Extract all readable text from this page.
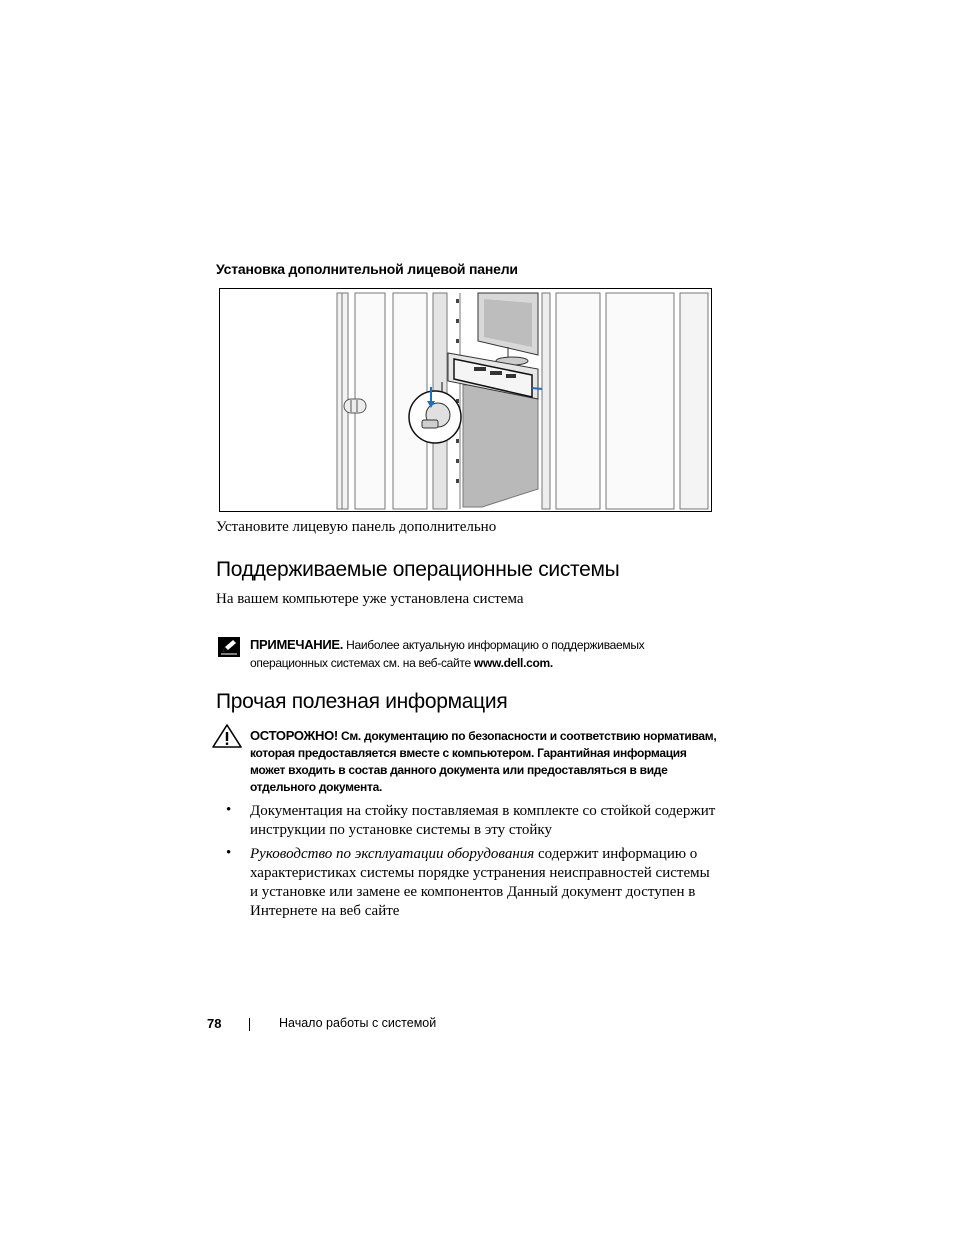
Установка дополнительной лицевой панели
Установите лицевую панель дополнительно
Поддерживаемые операционные системы
На вашем компьютере уже установлена система
ПРИМЕЧАНИЕ. Наиболее актуальную информацию о поддерживаемых
операционных системах см. на веб-сайте www.dell.com.
Прочая полезная информация
ОСТОРОЖНО! См. документацию по безопасности и соответствию нормативам, которая предоставляется вместе с компьютером. Гарантийная информация может входить в состав данного документа или предоставляться в виде отдельного документа.
• Документация на стойку поставляемая в комплекте со стойкой содержит инструкции по установке системы в эту стойку
• Руководство по эксплуатации оборудования содержит информацию о характеристиках системы порядке устранения неисправностей системы и установке или замене ее компонентов Данный документ доступен в Интернете на веб сайте
78	Начало работы с системой
